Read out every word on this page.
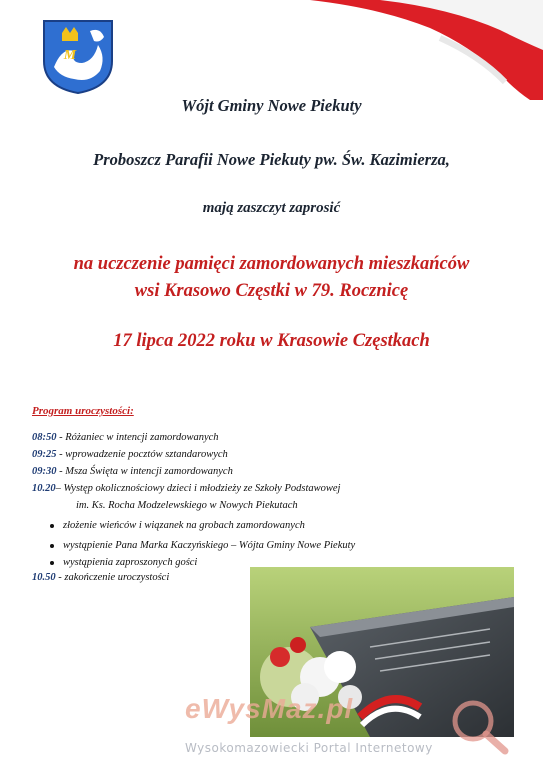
M

Wójt Gminy Nowe Piekuty

Proboszcz Parafii Nowe Piekuty pw. Św. Kazimierza,

mają zaszczyt zaprosić

na uczczenie pamięci zamordowanych mieszkańców

wsi Krasowo Częstki w 79. Rocznicę

17 lipca 2022 roku w Krasowie Częstkach

Program uroczystości:
08:50 - Różaniec w intencji zamordowanych
09:25 - wprowadzenie pocztów sztandarowych
09:30 - Msza Święta w intencji zamordowanych
10.20– Występ okolicznościowy dzieci i młodzieży ze Szkoły Podstawowej
im. Ks. Rocha Modzelewskiego w Nowych Piekutach
złożenie wieńców i wiązanek na grobach zamordowanych
wystąpienie Pana Marka Kaczyńskiego – Wójta Gminy Nowe Piekuty
wystąpienia zaproszonych gości
10.50 - zakończenie uroczystości
eWysMaz.pl
Wysokomazowiecki Portal Internetowy
